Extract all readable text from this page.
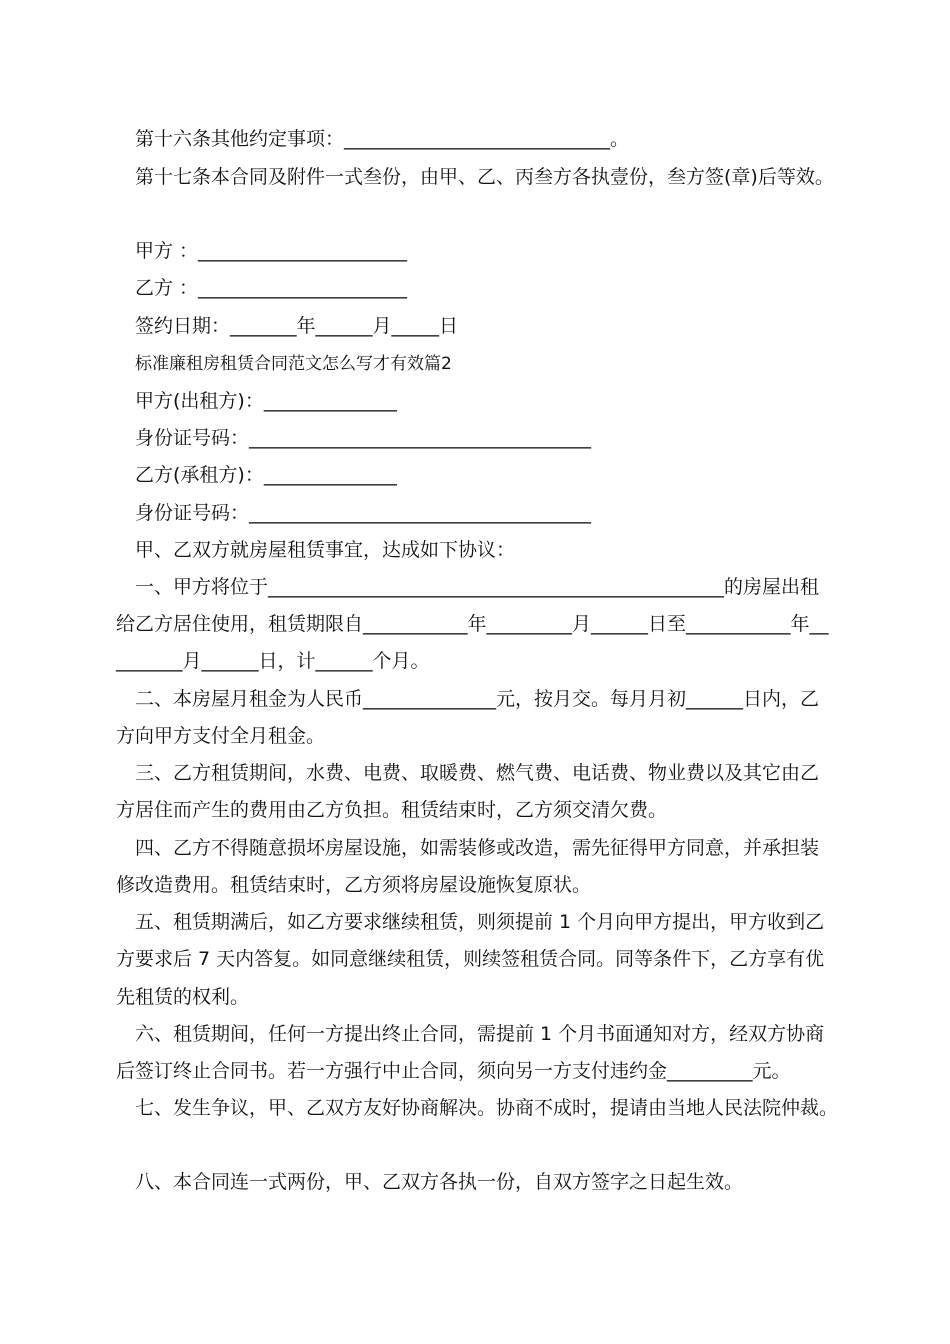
第十六条其他约定事项：____________________________。
第十七条本合同及附件一式叁份，由甲、乙、丙叁方各执壹份，叁方签(章)后等效。
甲方 ：______________________
乙方 ：______________________
签约日期：_______年______月_____日
标准廉租房租赁合同范文怎么写才有效篇2
甲方(出租方)：______________
身份证号码：____________________________________
乙方(承租方)：______________
身份证号码：____________________________________
甲、乙双方就房屋租赁事宜，达成如下协议：
一、甲方将位于________________________________________________的房屋出租
给乙方居住使用，租赁期限自___________年_________月______日至___________年__
_______月______日，计______个月。
二、本房屋月租金为人民币______________元，按月交。每月月初______日内，乙
方向甲方支付全月租金。
三、乙方租赁期间，水费、电费、取暖费、燃气费、电话费、物业费以及其它由乙
方居住而产生的费用由乙方负担。租赁结束时，乙方须交清欠费。
四、乙方不得随意损坏房屋设施，如需装修或改造，需先征得甲方同意，并承担装
修改造费用。租赁结束时，乙方须将房屋设施恢复原状。
五、租赁期满后，如乙方要求继续租赁，则须提前 1 个月向甲方提出，甲方收到乙
方要求后 7 天内答复。如同意继续租赁，则续签租赁合同。同等条件下，乙方享有优
先租赁的权利。
六、租赁期间，任何一方提出终止合同，需提前 1 个月书面通知对方，经双方协商
后签订终止合同书。若一方强行中止合同，须向另一方支付违约金_________元。
七、发生争议，甲、乙双方友好协商解决。协商不成时，提请由当地人民法院仲裁。
八、本合同连一式两份，甲、乙双方各执一份，自双方签字之日起生效。
